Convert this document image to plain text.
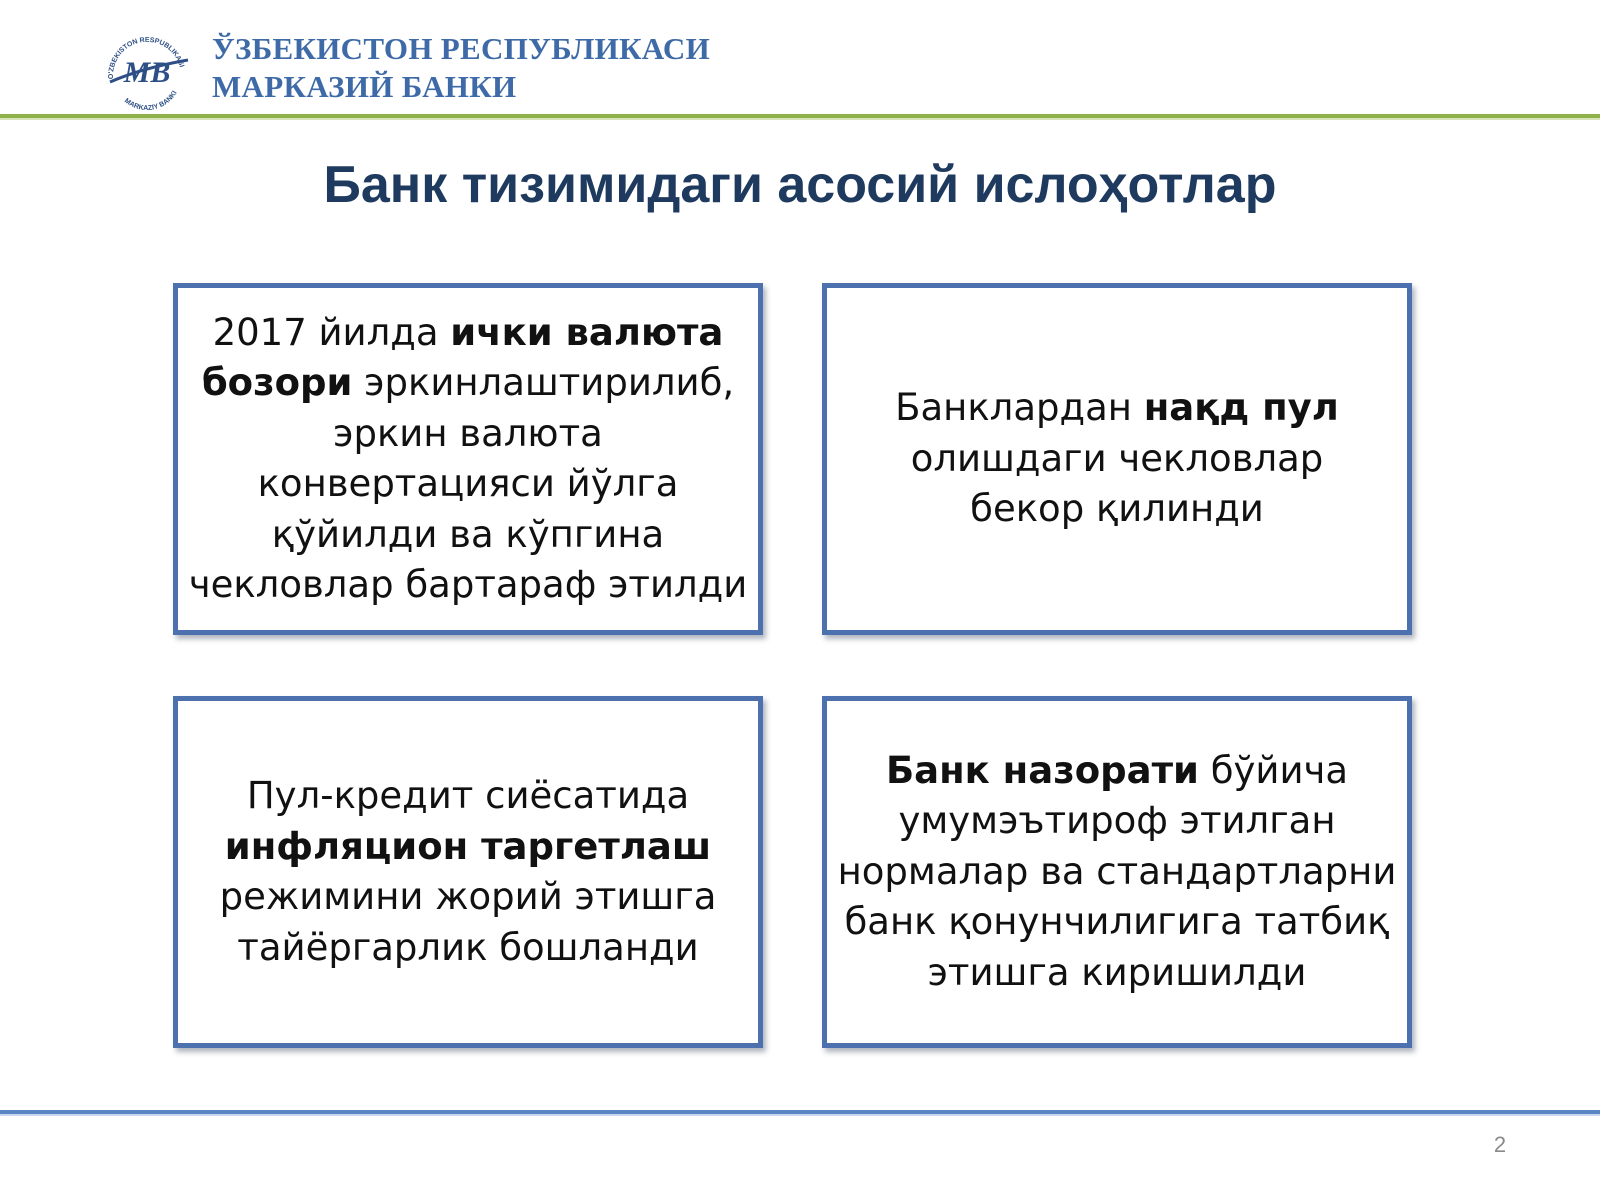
O'ZBEKISTON RESPUBLIKASI
MARKAZIY BANKI
MB
ЎЗБЕКИСТОН РЕСПУБЛИКАСИ
МАРКАЗИЙ БАНКИ
Банк тизимидаги асосий ислоҳотлар
2017 йилда ички валюта
бозори эркинлаштирилиб,
эркин валюта
конвертацияси йўлга
қўйилди ва кўпгина
чекловлар бартараф этилди
Банклардан нақд пул
олишдаги чекловлар
бекор қилинди
Пул-кредит сиёсатида
инфляцион таргетлаш
режимини жорий этишга
тайёргарлик бошланди
Банк назорати бўйича
умумэътироф этилган
нормалар ва стандартларни
банк қонунчилигига татбиқ
этишга киришилди
2
